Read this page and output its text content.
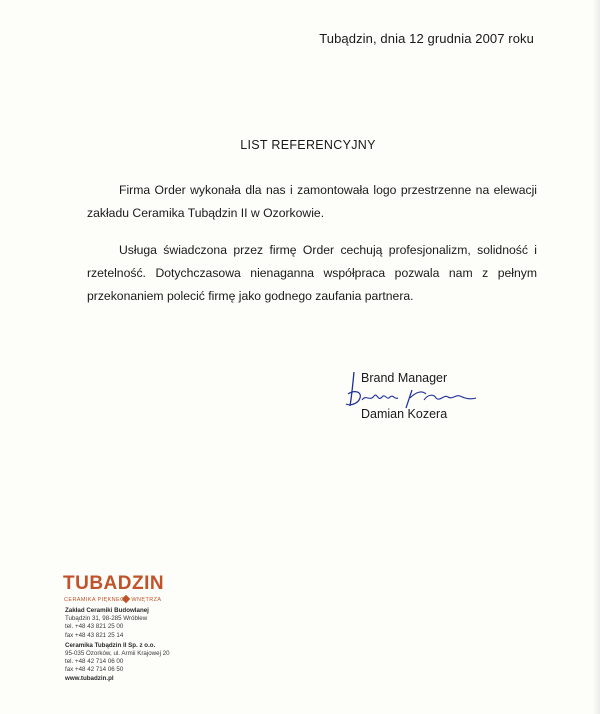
Tubądzin, dnia 12 grudnia 2007 roku
LIST REFERENCYJNY
Firma Order wykonała dla nas i zamontowała logo przestrzenne na elewacji zakładu Ceramika Tubądzin II w Ozorkowie.
Usługa świadczona przez firmę Order cechują profesjonalizm, solidność i rzetelność. Dotychczasowa nienaganna współpraca pozwala nam z pełnym przekonaniem polecić firmę jako godnego zaufania partnera.
Brand Manager
Damian Kozera
TUBADZIN
CERAMIKA PIĘKNEGO WNĘTRZA
Zakład Ceramiki Budowlanej
Tubądzin 31, 98-285 Wróblew
tel. +48 43 821 25 00
fax +48 43 821 25 14
Ceramika Tubądzin II Sp. z o.o.
95-035 Ozorków, ul. Armii Krajowej 20
tel. +48 42 714 06 00
fax +48 42 714 06 50
www.tubadzin.pl
